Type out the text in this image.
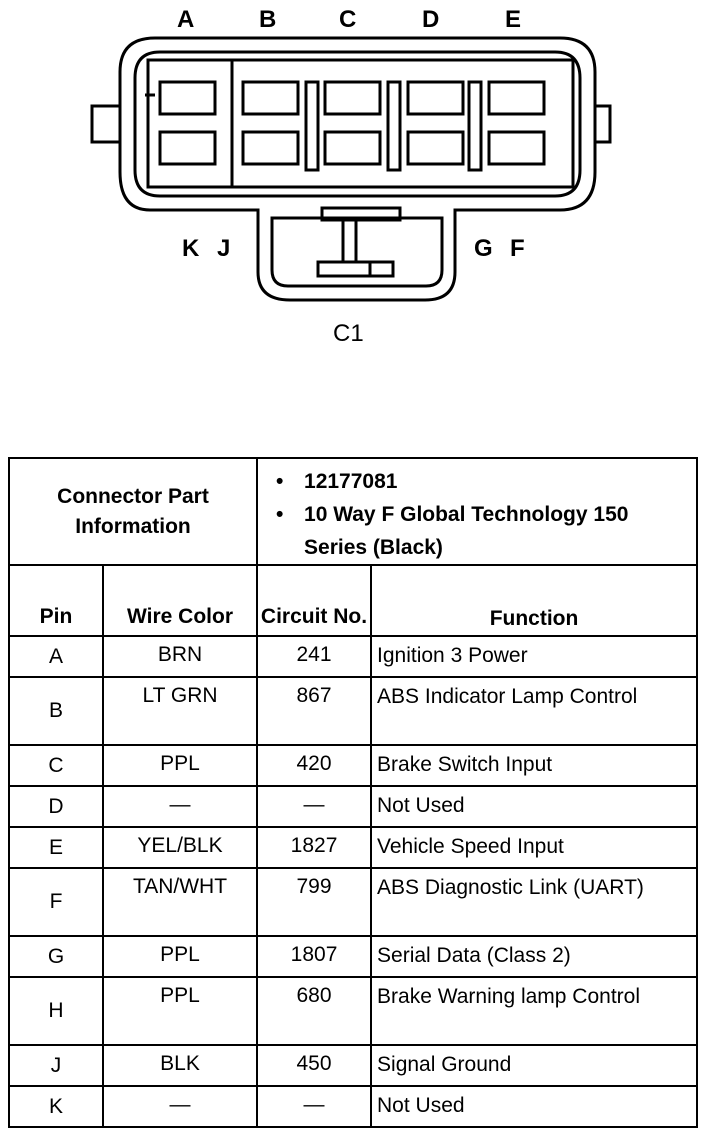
A	B	C	D	E
K J	G F
C1
Connector Part Information		• 12177081
• 10 Way F Global Technology 150 Series (Black)

Pin	Wire Color	Circuit No.	Function
A	BRN	241	Ignition 3 Power
B	LT GRN	867	ABS Indicator Lamp Control
C	PPL	420	Brake Switch Input
D	—	—	Not Used
E	YEL/BLK	1827	Vehicle Speed Input
F	TAN/WHT	799	ABS Diagnostic Link (UART)
G	PPL	1807	Serial Data (Class 2)
H	PPL	680	Brake Warning lamp Control
J	BLK	450	Signal Ground
K	—	—	Not Used
